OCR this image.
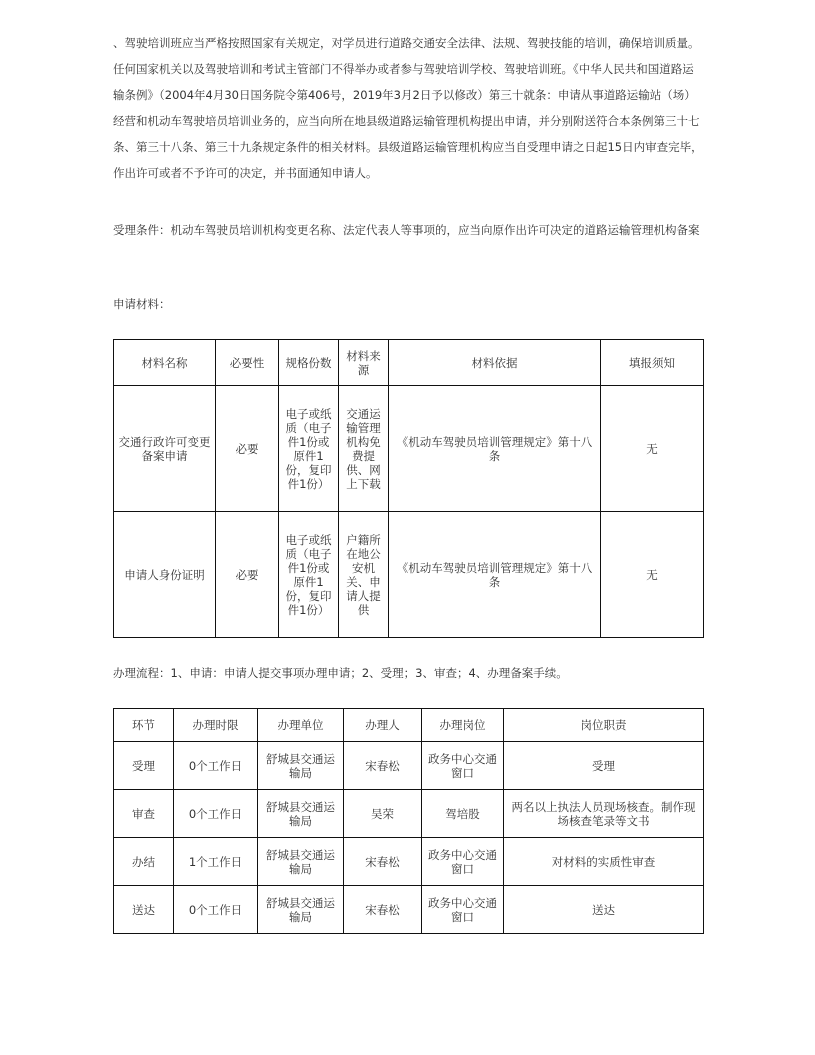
、驾驶培训班应当严格按照国家有关规定，对学员进行道路交通安全法律、法规、驾驶技能的培训，确保培训质量。任何国家机关以及驾驶培训和考试主管部门不得举办或者参与驾驶培训学校、驾驶培训班。《中华人民共和国道路运输条例》（2004年4月30日国务院令第406号，2019年3月2日予以修改）第三十就条：申请从事道路运输站（场）经营和机动车驾驶培员培训业务的，应当向所在地县级道路运输管理机构提出申请，并分别附送符合本条例第三十七条、第三十八条、第三十九条规定条件的相关材料。县级道路运输管理机构应当自受理申请之日起15日内审查完毕，作出许可或者不予许可的决定，并书面通知申请人。
受理条件：机动车驾驶员培训机构变更名称、法定代表人等事项的，应当向原作出许可决定的道路运输管理机构备案
申请材料：
材料名称	必要性	规格份数	材料来源	材料依据	填报须知
交通行政许可变更备案申请	必要	电子或纸质（电子件1份或原件1份，复印件1份）	交通运输管理机构免费提供、网上下载	《机动车驾驶员培训管理规定》第十八条	无
申请人身份证明	必要	电子或纸质（电子件1份或原件1份，复印件1份）	户籍所在地公安机关、申请人提供	《机动车驾驶员培训管理规定》第十八条	无
办理流程：1、申请：申请人提交事项办理申请；2、受理；3、审查；4、办理备案手续。
环节	办理时限	办理单位	办理人	办理岗位	岗位职责
受理	0个工作日	舒城县交通运输局	宋春松	政务中心交通窗口	受理
审查	0个工作日	舒城县交通运输局	吴荣	驾培股	两名以上执法人员现场核查。制作现场核查笔录等文书
办结	1个工作日	舒城县交通运输局	宋春松	政务中心交通窗口	对材料的实质性审查
送达	0个工作日	舒城县交通运输局	宋春松	政务中心交通窗口	送达
